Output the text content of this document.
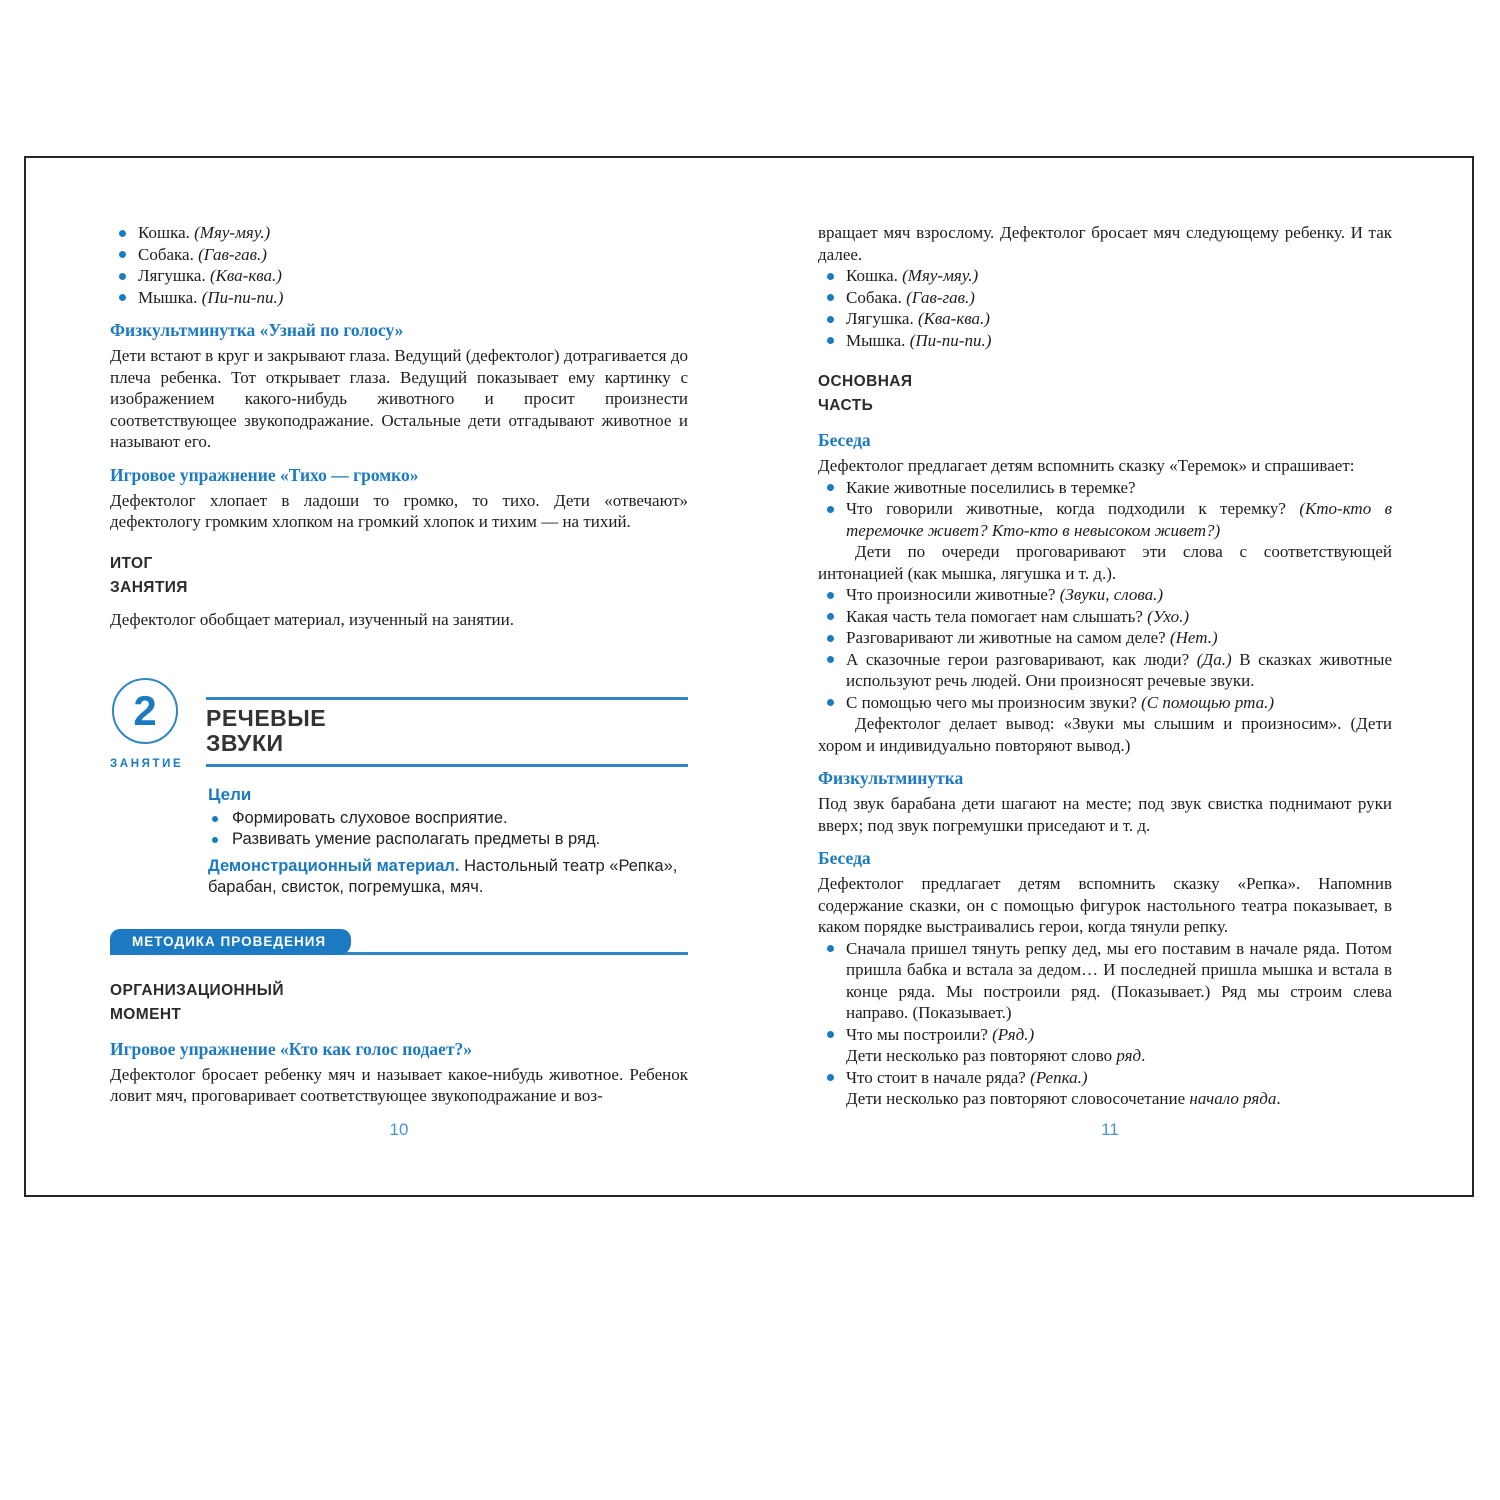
Кошка. (Мяу-мяу.)
Собака. (Гав-гав.)
Лягушка. (Ква-ква.)
Мышка. (Пи-пи-пи.)
Физкультминутка «Узнай по голосу»

Дети встают в круг и закрывают глаза. Ведущий (дефектолог) дотрагивается до плеча ребенка. Тот открывает глаза. Ведущий показывает ему картинку с изображением какого-нибудь животного и просит произнести соответствующее звукоподражание. Остальные дети отгадывают животное и называют его.

Игровое упражнение «Тихо — громко»

Дефектолог хлопает в ладоши то громко, то тихо. Дети «отвечают» дефектологу громким хлопком на громкий хлопок и тихим — на тихий.

ИТОГ
ЗАНЯТИЯ

Дефектолог обобщает материал, изученный на занятии.

2
ЗАНЯТИЕ
РЕЧЕВЫЕ
ЗВУКИ
Цели
Формировать слуховое восприятие.
Развивать умение располагать предметы в ряд.

Демонстрационный материал. Настольный театр «Репка», барабан, свисток, погремушка, мяч.

МЕТОДИКА ПРОВЕДЕНИЯ
ОРГАНИЗАЦИОННЫЙ
МОМЕНТ
Игровое упражнение «Кто как голос подает?»

Дефектолог бросает ребенку мяч и называет какое-нибудь животное. Ребенок ловит мяч, проговаривает соответствующее звукоподражание и воз-

вращает мяч взрослому. Дефектолог бросает мяч следующему ребенку. И так далее.

Кошка. (Мяу-мяу.)
Собака. (Гав-гав.)
Лягушка. (Ква-ква.)
Мышка. (Пи-пи-пи.)
ОСНОВНАЯ
ЧАСТЬ
Беседа

Дефектолог предлагает детям вспомнить сказку «Теремок» и спрашивает:

Какие животные поселились в теремке?
Что говорили животные, когда подходили к теремку? (Кто-кто в теремочке живет? Кто-кто в невысоком живет?)

Дети по очереди проговаривают эти слова с соответствующей интонацией (как мышка, лягушка и т. д.).

Что произносили животные? (Звуки, слова.)
Какая часть тела помогает нам слышать? (Ухо.)
Разговаривают ли животные на самом деле? (Нет.)
А сказочные герои разговаривают, как люди? (Да.) В сказках животные используют речь людей. Они произносят речевые звуки.
С помощью чего мы произносим звуки? (С помощью рта.)

Дефектолог делает вывод: «Звуки мы слышим и произносим». (Дети хором и индивидуально повторяют вывод.)

Физкультминутка

Под звук барабана дети шагают на месте; под звук свистка поднимают руки вверх; под звук погремушки приседают и т. д.

Беседа

Дефектолог предлагает детям вспомнить сказку «Репка». Напомнив содержание сказки, он с помощью фигурок настольного театра показывает, в каком порядке выстраивались герои, когда тянули репку.

Сначала пришел тянуть репку дед, мы его поставим в начале ряда. Потом пришла бабка и встала за дедом… И последней пришла мышка и встала в конце ряда. Мы построили ряд. (Показывает.) Ряд мы строим слева направо. (Показывает.)
Что мы построили? (Ряд.)
Дети несколько раз повторяют слово ряд.
Что стоит в начале ряда? (Репка.)
Дети несколько раз повторяют словосочетание начало ряда.
10	11
